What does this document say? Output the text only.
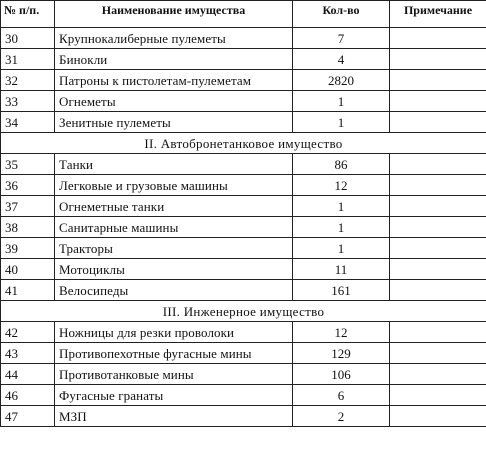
№ п/п.	Наименование имущества	Кол-во	Примечание
30	Крупнокалиберные пулеметы	7	
31	Бинокли	4	
32	Патроны к пистолетам-пулеметам	2820	
33	Огнеметы	1	
34	Зенитные пулеметы	1	
II. Автобронетанковое имущество			
35	Танки	86	
36	Легковые и грузовые машины	12	
37	Огнеметные танки	1	
38	Санитарные машины	1	
39	Тракторы	1	
40	Мотоциклы	11	
41	Велосипеды	161	
III. Инженерное имущество			
42	Ножницы для резки проволоки	12	
43	Противопехотные фугасные мины	129	
44	Противотанковые мины	106	
46	Фугасные гранаты	6	
47	МЗП	2	
